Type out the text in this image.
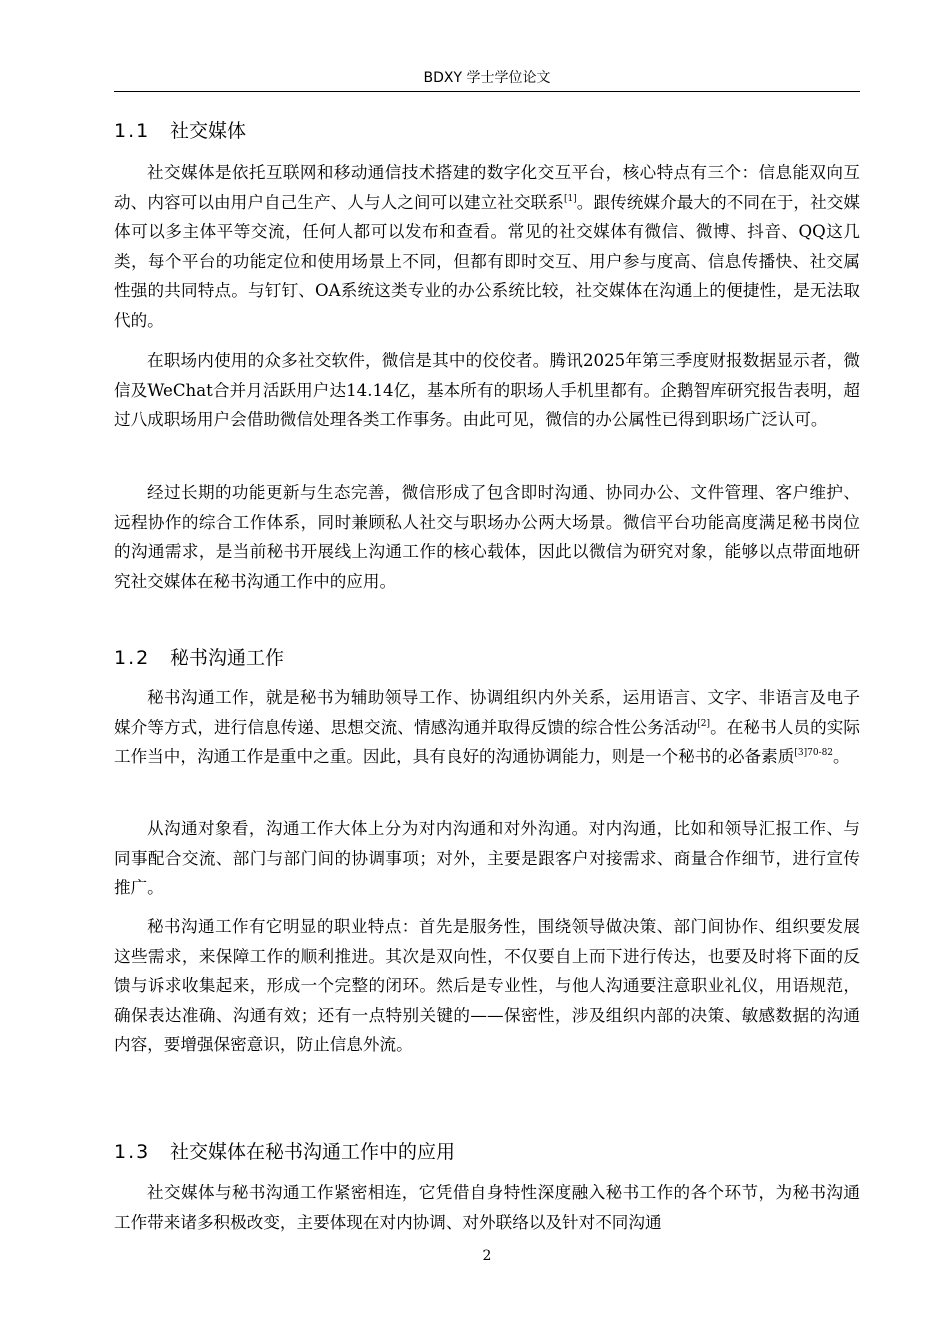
BDXY 学士学位论文
1.1 社交媒体

社交媒体是依托互联网和移动通信技术搭建的数字化交互平台，核心特点有三个：信息能双向互动、内容可以由用户自己生产、人与人之间可以建立社交联系[1]。跟传统媒介最大的不同在于，社交媒体可以多主体平等交流，任何人都可以发布和查看。常见的社交媒体有微信、微博、抖音、QQ这几类，每个平台的功能定位和使用场景上不同，但都有即时交互、用户参与度高、信息传播快、社交属性强的共同特点。与钉钉、OA系统这类专业的办公系统比较，社交媒体在沟通上的便捷性，是无法取代的。

在职场内使用的众多社交软件，微信是其中的佼佼者。腾讯2025年第三季度财报数据显示者，微信及WeChat合并月活跃用户达14.14亿，基本所有的职场人手机里都有。企鹅智库研究报告表明，超过八成职场用户会借助微信处理各类工作事务。由此可见，微信的办公属性已得到职场广泛认可。

经过长期的功能更新与生态完善，微信形成了包含即时沟通、协同办公、文件管理、客户维护、远程协作的综合工作体系，同时兼顾私人社交与职场办公两大场景。微信平台功能高度满足秘书岗位的沟通需求，是当前秘书开展线上沟通工作的核心载体，因此以微信为研究对象，能够以点带面地研究社交媒体在秘书沟通工作中的应用。

1.2 秘书沟通工作

秘书沟通工作，就是秘书为辅助领导工作、协调组织内外关系，运用语言、文字、非语言及电子媒介等方式，进行信息传递、思想交流、情感沟通并取得反馈的综合性公务活动[2]。在秘书人员的实际工作当中，沟通工作是重中之重。因此，具有良好的沟通协调能力，则是一个秘书的必备素质$^{[3]70-82}$。

从沟通对象看，沟通工作大体上分为对内沟通和对外沟通。对内沟通，比如和领导汇报工作、与同事配合交流、部门与部门间的协调事项；对外，主要是跟客户对接需求、商量合作细节，进行宣传推广。

秘书沟通工作有它明显的职业特点：首先是服务性，围绕领导做决策、部门间协作、组织要发展这些需求，来保障工作的顺利推进。其次是双向性，不仅要自上而下进行传达，也要及时将下面的反馈与诉求收集起来，形成一个完整的闭环。然后是专业性，与他人沟通要注意职业礼仪，用语规范，确保表达准确、沟通有效；还有一点特别关键的——保密性，涉及组织内部的决策、敏感数据的沟通内容，要增强保密意识，防止信息外流。

1.3 社交媒体在秘书沟通工作中的应用

社交媒体与秘书沟通工作紧密相连，它凭借自身特性深度融入秘书工作的各个环节，为秘书沟通工作带来诸多积极改变，主要体现在对内协调、对外联络以及针对不同沟通

2
